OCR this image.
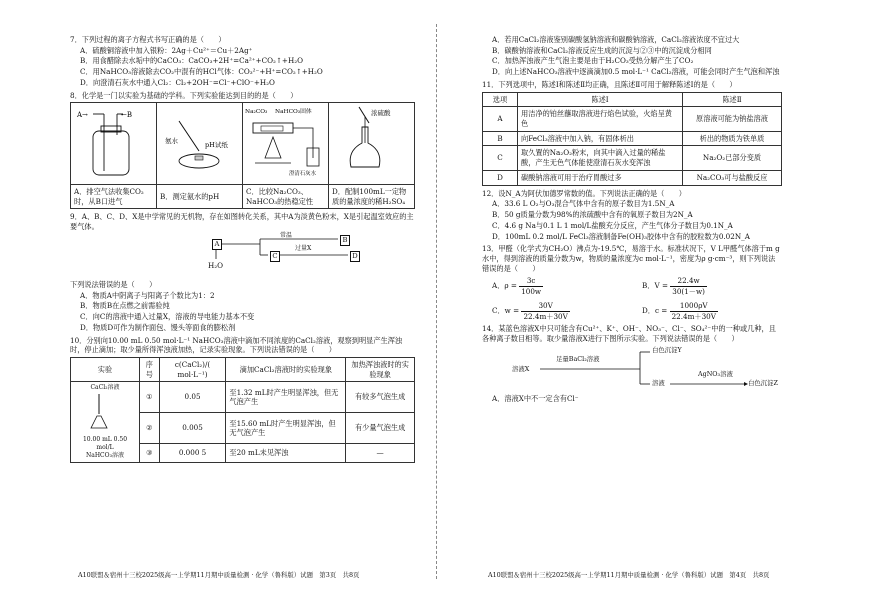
7．下列过程的离子方程式书写正确的是（　　）
A．硫酸铜溶液中加入银粉：2Ag＋Cu²⁺＝Cu＋2Ag⁺
B．用食醋除去水垢中的CaCO₃：CaCO₃+2H⁺=Ca²⁺+CO₂↑+H₂O
C．用NaHCO₃溶液除去CO₂中混有的HCl气体：CO₃²⁻+H⁺=CO₂↑+H₂O
D．向澄清石灰水中通入Cl₂：Cl₂+2OH⁻=Cl⁻+ClO⁻+H₂O
8．化学是一门以实验为基础的学科。下列实验能达到目的的是（　　）
A→ ←B	氨水 pH试纸	Na₂CO₃ NaHCO₃固体
澄清石灰水	浓硫酸

A．排空气法收集CO₂时，从B口进气	B．测定氨水的pH	C．比较Na₂CO₃、NaHCO₃的热稳定性	D．配制100mL一定物质的量浓度的稀H₂SO₄
9．A、B、C、D、X是中学常见的无机物，存在如图转化关系，其中A为淡黄色粉末，X是引起温室效应的主要气体。
A	B
C	D
H₂O
常温
过量X
下列说法错误的是（　　）
A．物质A中阴离子与阳离子个数比为1：2
B．物质B在点燃之前需验纯
C．向C的溶液中通入过量X，溶液的导电能力基本不变
D．物质D可作为制作面包、馒头等面食的膨松剂
10．分别向10.00 mL 0.50 mol·L⁻¹ NaHCO₃溶液中滴加不同浓度的CaCl₂溶液，观察到明显产生浑浊时，停止滴加；取少量所得浑浊液加热，记录实验现象。下列说法错误的是（　　）
实验	序号	c(CaCl₂)/( mol·L⁻¹)	滴加CaCl₂溶液时的实验现象	加热浑浊液时的实验现象

CaCl₂溶液
10.00 mL 0.50 mol/L
NaHCO₃溶液	①	0.05	至1.32 mL时产生明显浑浊，但无气泡产生	有较多气泡生成
	②	0.005	至15.60 mL时产生明显浑浊，但无气泡产生	有少量气泡生成
	③	0.000 5	至20 mL未见浑浊	—
A10联盟＆宿州十三校2025级高一上学期11月期中质量检测 · 化学（鲁科版）试题　第3页　共8页
A．若用CaCl₂溶液鉴别碳酸氢钠溶液和碳酸钠溶液，CaCl₂溶液浓度不宜过大
B．碳酸钠溶液和CaCl₂溶液反应生成的沉淀与②③中的沉淀成分相同
C．加热浑浊液产生气泡主要是由于H₂CO₃受热分解产生了CO₂
D．向上述NaHCO₃溶液中逐滴滴加0.5 mol·L⁻¹ CaCl₂溶液，可能会同时产生气泡和浑浊
11．下列选项中，陈述Ⅰ和陈述Ⅱ均正确，且陈述Ⅱ可用于解释陈述Ⅰ的是（　　）
选项	陈述Ⅰ	陈述Ⅱ
A	用洁净的铂丝蘸取溶液进行焰色试验，火焰呈黄色	原溶液可能为钠盐溶液
B	向FeCl₃溶液中加入钠，有固体析出	析出的物质为铁单质
C	取久置的Na₂O₂粉末，向其中滴入过量的稀盐酸，产生无色气体能使澄清石灰水变浑浊	Na₂O₂已部分变质
D	碳酸钠溶液可用于治疗胃酸过多	Na₂CO₃可与盐酸反应
12．设N_A为阿伏加德罗常数的值。下列说法正确的是（　　）
A．33.6 L O₂与O₃混合气体中含有的原子数目为1.5N_A
B．50 g质量分数为98%的浓硫酸中含有的氧原子数目为2N_A
C．4.6 g Na与0.1 L 1 mol/L盐酸充分反应，产生气体分子数目为0.1N_A
D．100mL 0.2 mol/L FeCl₃溶液制备Fe(OH)₃胶体中含有的胶粒数为0.02N_A
13．甲醛（化学式为CH₂O）沸点为-19.5℃，易溶于水。标准状况下，V L甲醛气体溶于m g水中，得到溶液的质量分数为w，物质的量浓度为c mol·L⁻¹，密度为ρ g·cm⁻³，则下列说法错误的是（　　）
A．$\rho = \frac{3c}{100w}$	B．$V = \frac{22.4w}{30(1-w)}$
C．$w = \frac{30V}{22.4m+30V}$	D．$c = \frac{1000\rho V}{22.4m+30V}$
14．某蓝色溶液X中只可能含有Cu²⁺、K⁺、OH⁻、NO₃⁻、Cl⁻、SO₄²⁻中的一种或几种，且各种离子数目相等。取少量溶液X进行下图所示实验。下列说法错误的是（　　）
溶液X
足量BaCl₂溶液
白色沉淀Y
溶液
AgNO₃溶液
白色沉淀Z
A．溶液X中不一定含有Cl⁻
A10联盟＆宿州十三校2025级高一上学期11月期中质量检测 · 化学（鲁科版）试题　第4页　共8页
